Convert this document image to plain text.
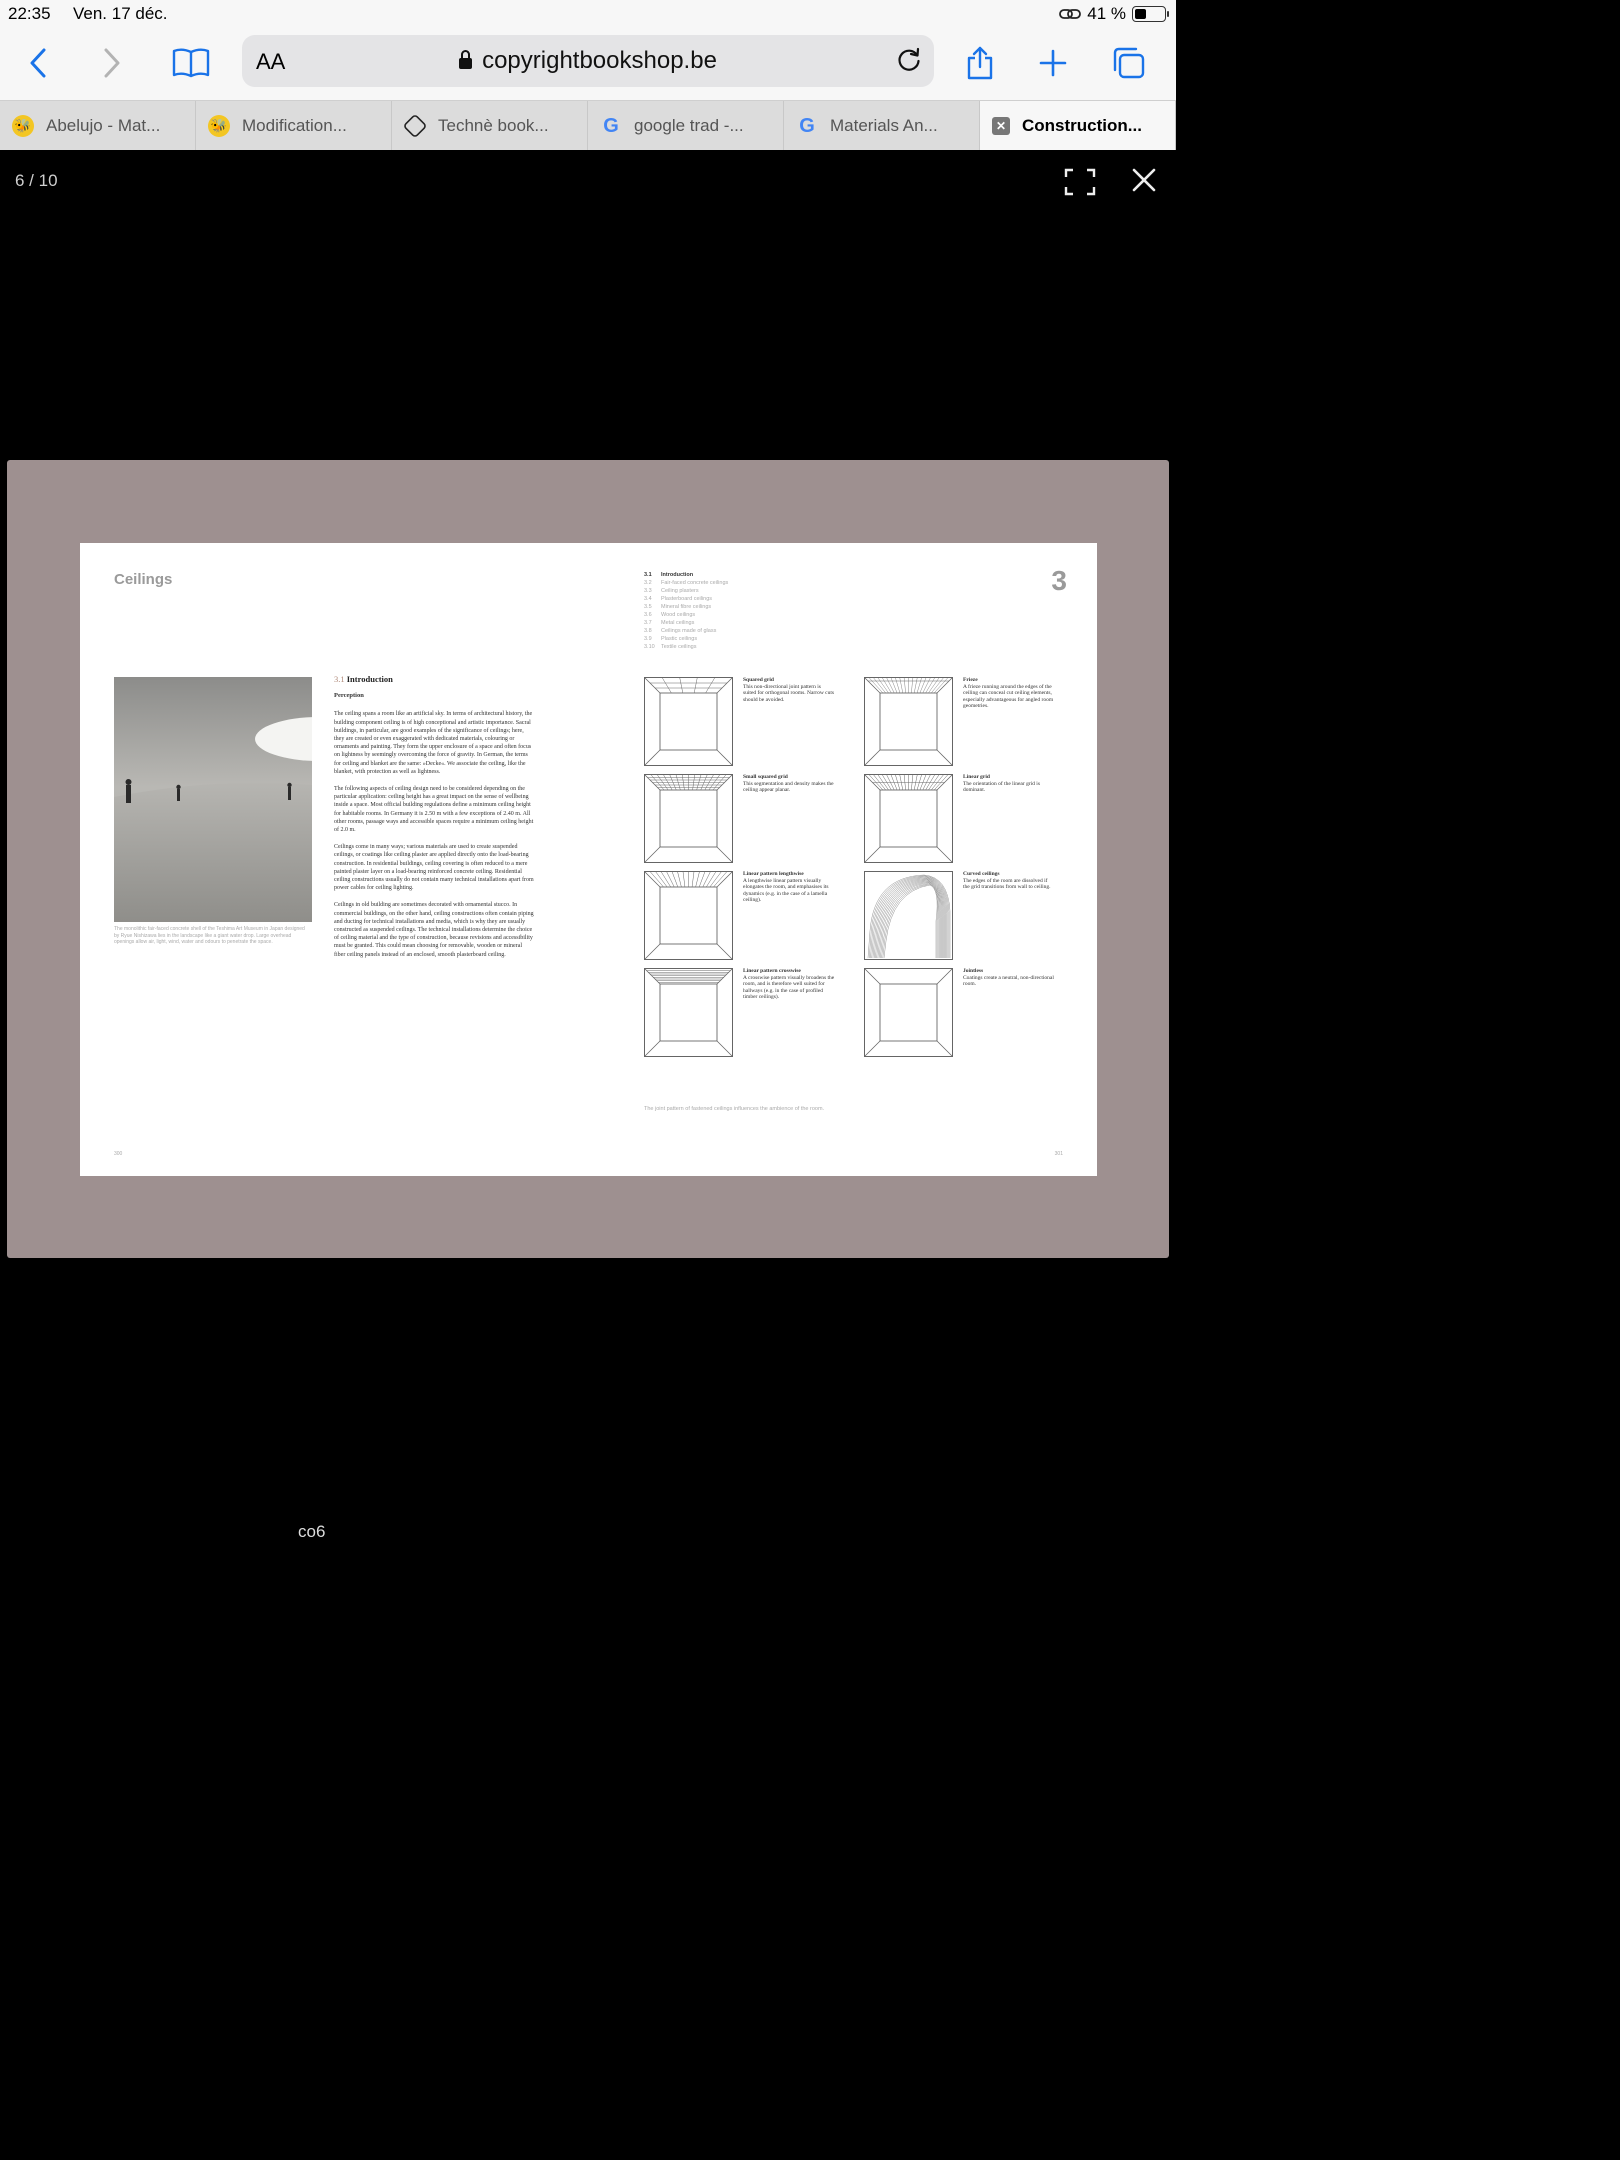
22:35 Ven. 17 déc.	41 %
AA	copyrightbookshop.be
🐝 Abelujo - Mat...	🐝 Modification...	Technè book...	G google trad -...	G Materials An...	✕ Construction...
6 / 10
Ceilings	3
3.1 Introduction
3.2 Fair-faced concrete ceilings
3.3 Ceiling plasters
3.4 Plasterboard ceilings
3.5 Mineral fibre ceilings
3.6 Wood ceilings
3.7 Metal ceilings
3.8 Ceilings made of glass
3.9 Plastic ceilings
3.10 Textile ceilings
The monolithic fair-faced concrete shell of the Teshima Art Museum in Japan designed by Ryue Nishizawa lies in the landscape like a giant water drop. Large overhead openings allow air, light, wind, water and odours to penetrate the space.
3.1 Introduction
Perception

The ceiling spans a room like an artificial sky. In terms of architectural history, the building component ceiling is of high conceptional and artistic importance. Sacral buildings, in particular, are good examples of the significance of ceilings; here, they are created or even exaggerated with dedicated materials, colouring or ornaments and painting. They form the upper enclosure of a space and often focus on lightness by seemingly overcoming the force of gravity. In German, the terms for ceiling and blanket are the same: »Decke«. We associate the ceiling, like the blanket, with protection as well as lightness.

The following aspects of ceiling design need to be considered depending on the particular application: ceiling height has a great impact on the sense of wellbeing inside a space. Most official building regulations define a minimum ceiling height for habitable rooms. In Germany it is 2.50 m with a few exceptions of 2.40 m. All other rooms, passage ways and accessible spaces require a minimum ceiling height of 2.0 m.

Ceilings come in many ways; various materials are used to create suspended ceilings, or coatings like ceiling plaster are applied directly onto the load-bearing construction. In residential buildings, ceiling covering is often reduced to a mere painted plaster layer on a load-bearing reinforced concrete ceiling. Residential ceiling constructions usually do not contain many technical installations apart from power cables for ceiling lighting.

Ceilings in old building are sometimes decorated with ornamental stucco. In commercial buildings, on the other hand, ceiling constructions often contain piping and ducting for technical installations and media, which is why they are usually constructed as suspended ceilings. The technical installations determine the choice of ceiling material and the type of construction, because revisions and accessibility must be granted. This could mean choosing for removable, wooden or mineral fiber ceiling panels instead of an enclosed, smooth plasterboard ceiling.

Squared grid
This non-directional joint pattern is suited for orthogonal rooms. Narrow cuts should be avoided.
Frieze
A frieze running around the edges of the ceiling can conceal cut ceiling elements, especially advantageous for angled room geometries.
Small squared grid
This segmentation and density makes the ceiling appear planar.
Linear grid
The orientation of the linear grid is dominant.
Linear pattern lengthwise
A lengthwise linear pattern visually elongates the room, and emphasises its dynamics (e.g. in the case of a lamella ceiling).
Curved ceilings
The edges of the room are dissolved if the grid transitions from wall to ceiling.
Linear pattern crosswise
A crosswise pattern visually broadens the room, and is therefore well suited for hallways (e.g. in the case of profiled timber ceilings).
Jointless
Coatings create a neutral, non-directional room.
The joint pattern of fastened ceilings influences the ambience of the room.
300	301
co6
